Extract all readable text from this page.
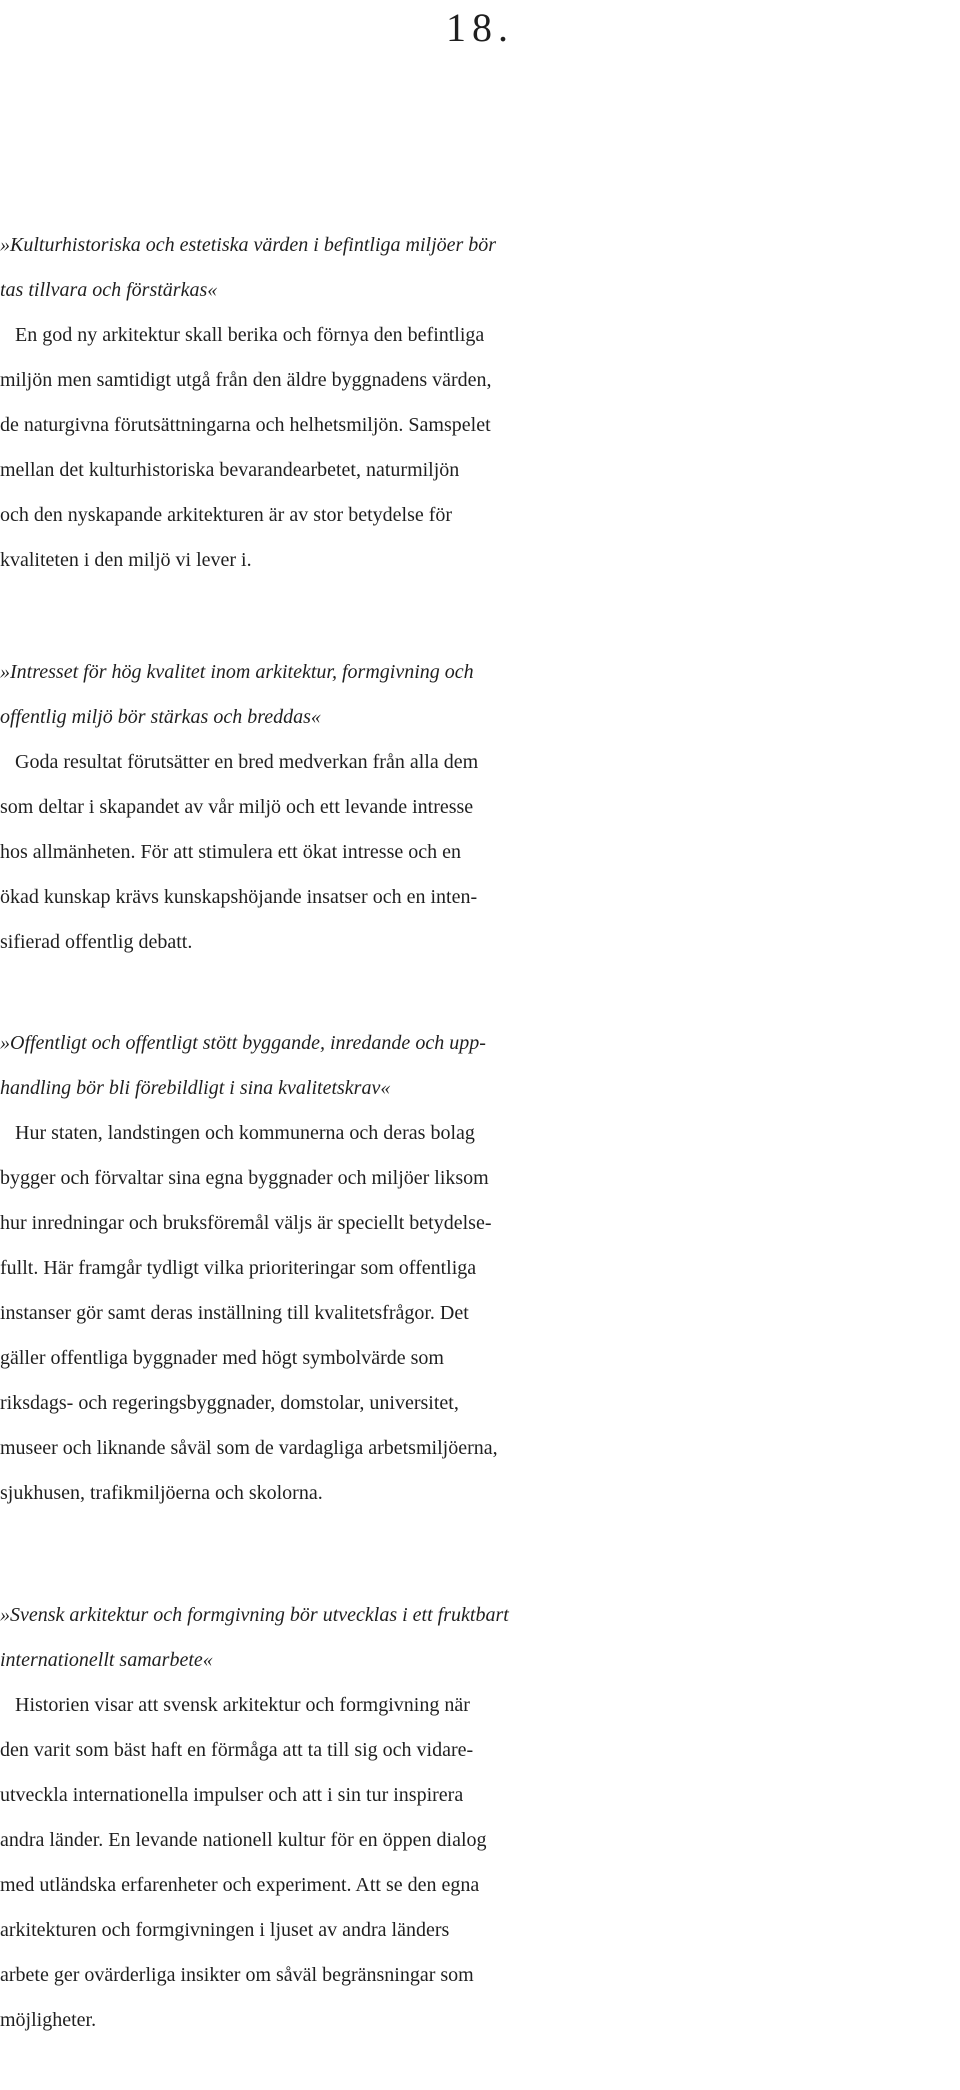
18.
»Kulturhistoriska och estetiska värden i befintliga miljöer bör
tas tillvara och förstärkas«
En god ny arkitektur skall berika och förnya den befintliga
miljön men samtidigt utgå från den äldre byggnadens värden,
de naturgivna förutsättningarna och helhetsmiljön. Samspelet
mellan det kulturhistoriska bevarandearbetet, naturmiljön
och den nyskapande arkitekturen är av stor betydelse för
kvaliteten i den miljö vi lever i.
»Intresset för hög kvalitet inom arkitektur, formgivning och
offentlig miljö bör stärkas och breddas«
Goda resultat förutsätter en bred medverkan från alla dem
som deltar i skapandet av vår miljö och ett levande intresse
hos allmänheten. För att stimulera ett ökat intresse och en
ökad kunskap krävs kunskapshöjande insatser och en inten-
sifierad offentlig debatt.
»Offentligt och offentligt stött byggande, inredande och upp-
handling bör bli förebildligt i sina kvalitetskrav«
Hur staten, landstingen och kommunerna och deras bolag
bygger och förvaltar sina egna byggnader och miljöer liksom
hur inredningar och bruksföremål väljs är speciellt betydelse-
fullt. Här framgår tydligt vilka prioriteringar som offentliga
instanser gör samt deras inställning till kvalitetsfrågor. Det
gäller offentliga byggnader med högt symbolvärde som
riksdags- och regeringsbyggnader, domstolar, universitet,
museer och liknande såväl som de vardagliga arbetsmiljöerna,
sjukhusen, trafikmiljöerna och skolorna.
»Svensk arkitektur och formgivning bör utvecklas i ett fruktbart
internationellt samarbete«
Historien visar att svensk arkitektur och formgivning när
den varit som bäst haft en förmåga att ta till sig och vidare-
utveckla internationella impulser och att i sin tur inspirera
andra länder. En levande nationell kultur för en öppen dialog
med utländska erfarenheter och experiment. Att se den egna
arkitekturen och formgivningen i ljuset av andra länders
arbete ger ovärderliga insikter om såväl begränsningar som
möjligheter.
